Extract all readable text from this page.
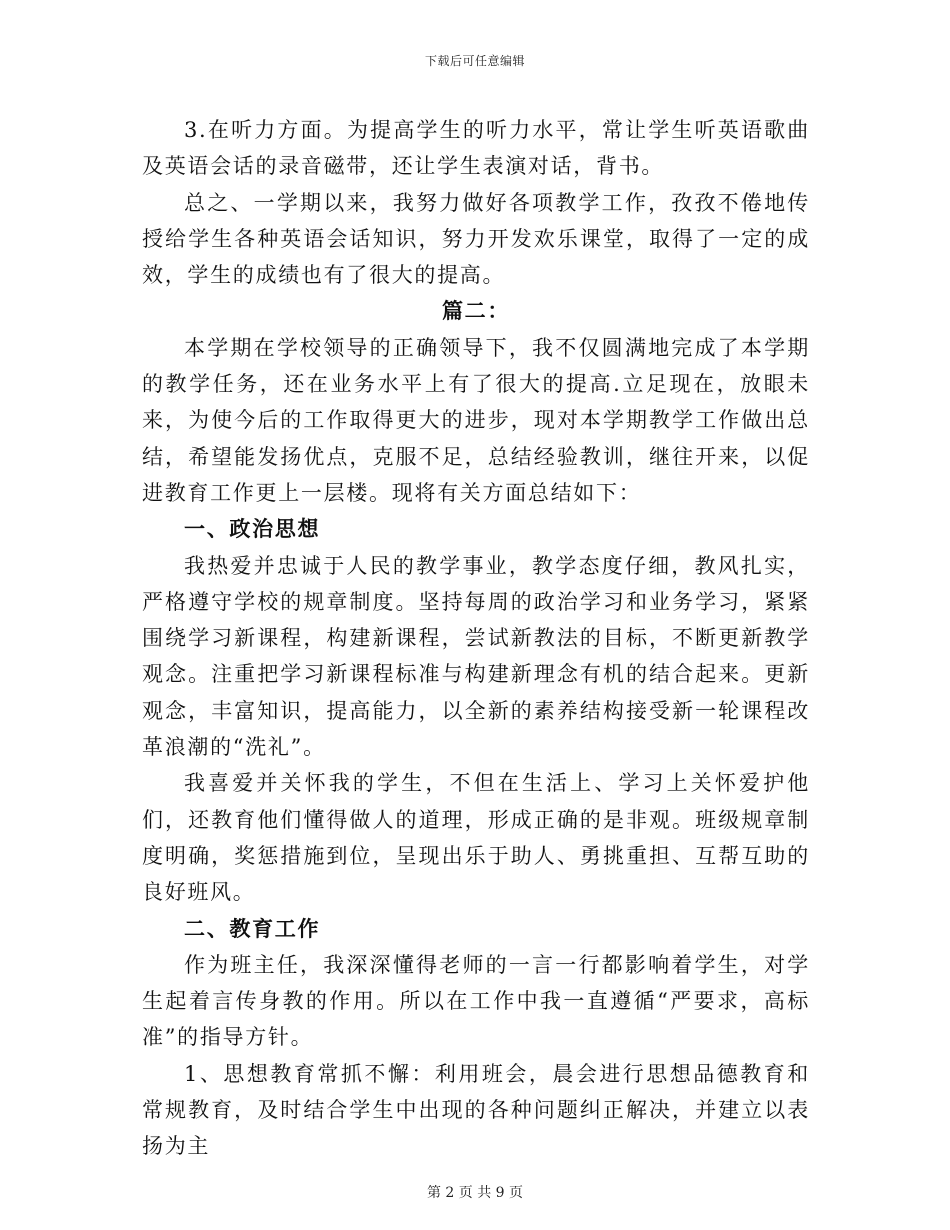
下载后可任意编辑

3.在听力方面。为提高学生的听力水平，常让学生听英语歌曲及英语会话的录音磁带，还让学生表演对话，背书。

总之、一学期以来，我努力做好各项教学工作，孜孜不倦地传授给学生各种英语会话知识，努力开发欢乐课堂，取得了一定的成效，学生的成绩也有了很大的提高。

篇二：

本学期在学校领导的正确领导下，我不仅圆满地完成了本学期的教学任务，还在业务水平上有了很大的提高.立足现在，放眼未来，为使今后的工作取得更大的进步，现对本学期教学工作做出总结，希望能发扬优点，克服不足，总结经验教训，继往开来，以促进教育工作更上一层楼。现将有关方面总结如下：

一、政治思想

我热爱并忠诚于人民的教学事业，教学态度仔细，教风扎实，严格遵守学校的规章制度。坚持每周的政治学习和业务学习，紧紧围绕学习新课程，构建新课程，尝试新教法的目标，不断更新教学观念。注重把学习新课程标准与构建新理念有机的结合起来。更新观念，丰富知识，提高能力，以全新的素养结构接受新一轮课程改革浪潮的“洗礼”。

我喜爱并关怀我的学生，不但在生活上、学习上关怀爱护他们，还教育他们懂得做人的道理，形成正确的是非观。班级规章制度明确，奖惩措施到位，呈现出乐于助人、勇挑重担、互帮互助的良好班风。

二、教育工作

作为班主任，我深深懂得老师的一言一行都影响着学生，对学生起着言传身教的作用。所以在工作中我一直遵循“严要求，高标准”的指导方针。

1、思想教育常抓不懈：利用班会，晨会进行思想品德教育和常规教育，及时结合学生中出现的各种问题纠正解决，并建立以表扬为主

第 2 页 共 9 页
